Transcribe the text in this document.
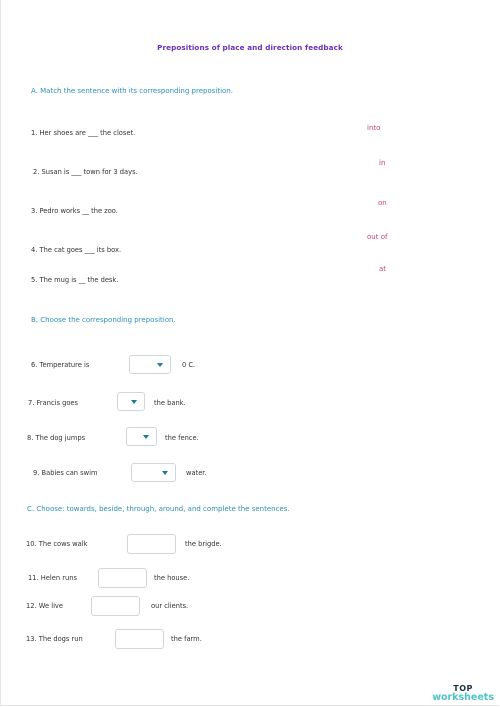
Prepositions of place and direction feedback
A. Match the sentence with its corresponding preposition.
1. Her shoes are ___ the closet.
2. Susan is ___ town for 3 days.
3. Pedro works __ the zoo.
4. The cat goes ___ its box.
5. The mug is __ the desk.
into
in
on
out of
at
B. Choose the corresponding preposition.
6. Temperature is	0 C.
7. Francis goes	the bank.
8. The dog jumps	the fence.
9. Babies can swim	water.
C. Choose: towards, beside, through, around, and complete the sentences.
10. The cows walk	the brigde.
11. Helen runs	the house.
12. We live	our clients.
13. The dogs run	the farm.
TOP
worksheets
